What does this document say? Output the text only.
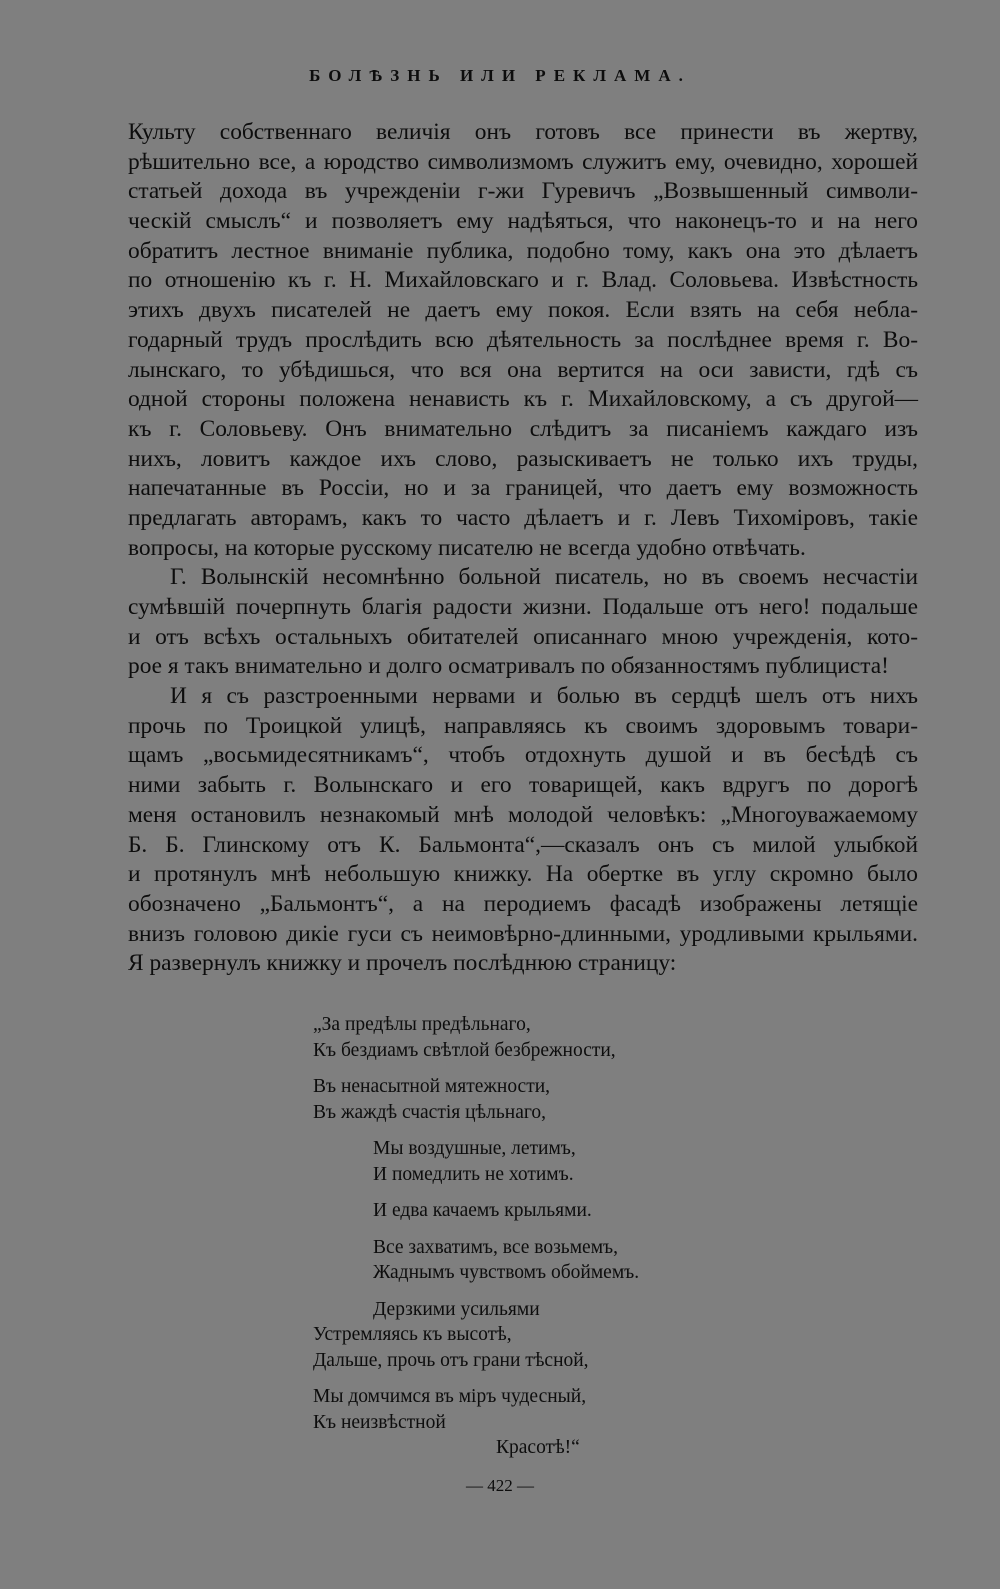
БОЛѢЗНЬ ИЛИ РЕКЛАМА.
Культу собственнаго величія онъ готовъ все принести въ жертву,
рѣшительно все, а юродство символизмомъ служитъ ему, очевидно, хорошей
статьей дохода въ учрежденіи г-жи Гуревичъ „Возвышенный символи-
ческій смыслъ“ и позволяетъ ему надѣяться, что наконецъ-то и на него
обратитъ лестное вниманіе публика, подобно тому, какъ она это дѣлаетъ
по отношенію къ г. Н. Михайловскаго и г. Влад. Соловьева. Извѣстность
этихъ двухъ писателей не даетъ ему покоя. Если взять на себя небла-
годарный трудъ прослѣдить всю дѣятельность за послѣднее время г. Во-
лынскаго, то убѣдишься, что вся она вертится на оси зависти, гдѣ съ
одной стороны положена ненависть къ г. Михайловскому, а съ другой—
къ г. Соловьеву. Онъ внимательно слѣдитъ за писаніемъ каждаго изъ
нихъ, ловитъ каждое ихъ слово, разыскиваетъ не только ихъ труды,
напечатанные въ Россіи, но и за границей, что даетъ ему возможность
предлагать авторамъ, какъ то часто дѣлаетъ и г. Левъ Тихоміровъ, такіе
вопросы, на которые русскому писателю не всегда удобно отвѣчать.
Г. Волынскій несомнѣнно больной писатель, но въ своемъ несчастіи
сумѣвшій почерпнуть благія радости жизни. Подальше отъ него! подальше
и отъ всѣхъ остальныхъ обитателей описаннаго мною учрежденія, кото-
рое я такъ внимательно и долго осматривалъ по обязанностямъ публициста!
И я съ разстроенными нервами и болью въ сердцѣ шелъ отъ нихъ
прочь по Троицкой улицѣ, направляясь къ своимъ здоровымъ товари-
щамъ „восьмидесятникамъ“, чтобъ отдохнуть душой и въ бесѣдѣ съ
ними забыть г. Волынскаго и его товарищей, какъ вдругъ по дорогѣ
меня остановилъ незнакомый мнѣ молодой человѣкъ: „Многоуважаемому
Б. Б. Глинскому отъ К. Бальмонта“,—сказалъ онъ съ милой улыбкой
и протянулъ мнѣ небольшую книжку. На обертке въ углу скромно было
обозначено „Бальмонтъ“, а на перодиемъ фасадѣ изображены летящіе
внизъ головою дикіе гуси съ неимовѣрно-длинными, уродливыми крыльями.
Я развернулъ книжку и прочелъ послѣднюю страницу:
„За предѣлы предѣльнаго,
Къ бездиамъ свѣтлой безбрежности,
Въ ненасытной мятежности,
Въ жаждѣ счастія цѣльнаго,
Мы воздушные, летимъ,
И помедлить не хотимъ.
И едва качаемъ крыльями.
Все захватимъ, все возьмемъ,
Жаднымъ чувствомъ обоймемъ.
Дерзкими усильями
Устремляясь къ высотѣ,
Дальше, прочь отъ грани тѣсной,
Мы домчимся въ міръ чудесный,
Къ неизвѣстной
Красотѣ!“
— 422 —
